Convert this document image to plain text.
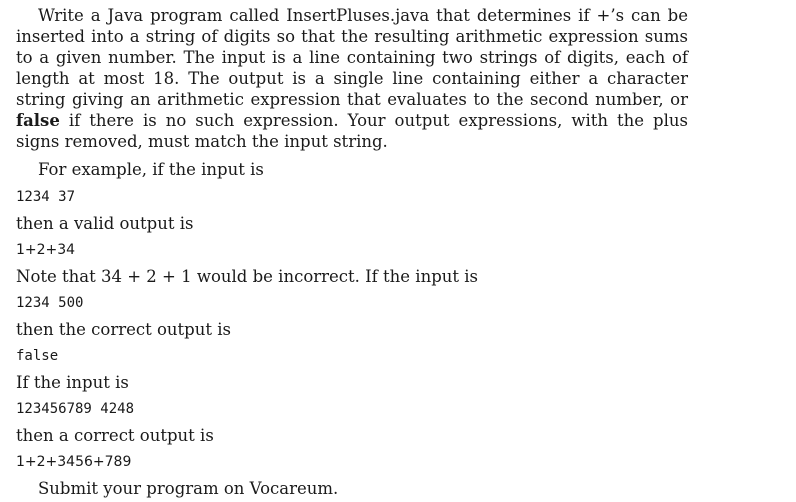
Write a Java program called InsertPluses.java that determines if +’s can be inserted into a string of digits so that the resulting arithmetic expression sums to a given number. The input is a line containing two strings of digits, each of length at most 18. The output is a single line containing either a character string giving an arithmetic expression that evaluates to the second number, or false if there is no such expression. Your output expressions, with the plus signs removed, must match the input string.

For example, if the input is
1234 37
then a valid output is
1+2+34
Note that 34 + 2 + 1 would be incorrect. If the input is
1234 500
then the correct output is
false
If the input is
123456789 4248
then a correct output is
1+2+3456+789
Submit your program on Vocareum.
